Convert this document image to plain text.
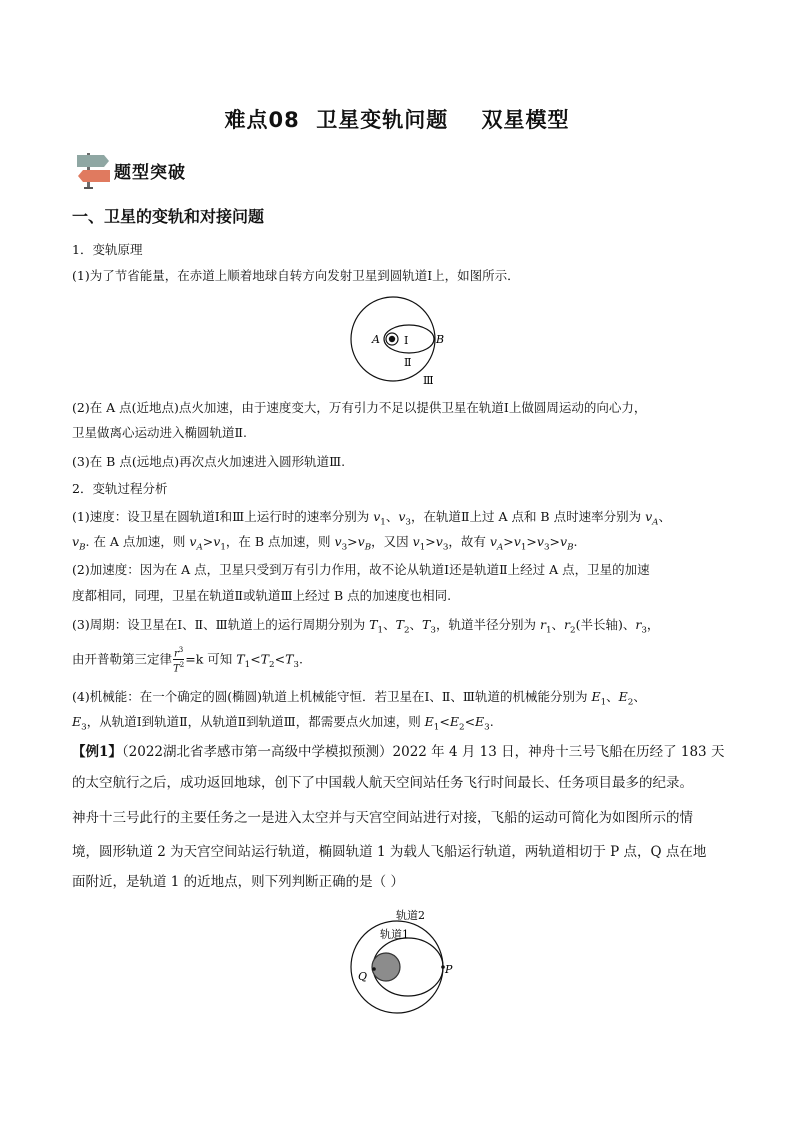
难点08  卫星变轨问题    双星模型
题型突破
一、卫星的变轨和对接问题
1．变轨原理
(1)为了节省能量，在赤道上顺着地球自转方向发射卫星到圆轨道Ⅰ上，如图所示．
A	B
Ⅰ
Ⅱ
Ⅲ
(2)在 A 点(近地点)点火加速，由于速度变大，万有引力不足以提供卫星在轨道Ⅰ上做圆周运动的向心力，
卫星做离心运动进入椭圆轨道Ⅱ.
(3)在 B 点(远地点)再次点火加速进入圆形轨道Ⅲ.
2．变轨过程分析
(1)速度：设卫星在圆轨道Ⅰ和Ⅲ上运行时的速率分别为 $v_1$、$v_3$，在轨道Ⅱ上过 A 点和 B 点时速率分别为 $v_A$、
$v_B$. 在 A 点加速，则 $v_A>v_1$，在 B 点加速，则 $v_3>v_B$，又因 $v_1>v_3$，故有 $v_A>v_1>v_3>v_B$.
(2)加速度：因为在 A 点，卫星只受到万有引力作用，故不论从轨道Ⅰ还是轨道Ⅱ上经过 A 点，卫星的加速
度都相同，同理，卫星在轨道Ⅱ或轨道Ⅲ上经过 B 点的加速度也相同.
(3)周期：设卫星在Ⅰ、Ⅱ、Ⅲ轨道上的运行周期分别为 $T_1$、$T_2$、$T_3$，轨道半径分别为 $r_1$、$r_2$(半长轴)、$r_3$，
由开普勒第三定律 $\frac{r^3}{T^2} =k$ 可知 $T_1<T_2<T_3$.
(4)机械能：在一个确定的圆(椭圆)轨道上机械能守恒．若卫星在Ⅰ、Ⅱ、Ⅲ轨道的机械能分别为 $E_1$、$E_2$、
$E_3$，从轨道Ⅰ到轨道Ⅱ，从轨道Ⅱ到轨道Ⅲ，都需要点火加速，则 $E_1<E_2<E_3$.
【例1】（2022湖北省孝感市第一高级中学模拟预测）2022 年 4 月 13 日，神舟十三号飞船在历经了 183 天
的太空航行之后，成功返回地球，创下了中国载人航天空间站任务飞行时间最长、任务项目最多的纪录。
神舟十三号此行的主要任务之一是进入太空并与天宫空间站进行对接，飞船的运动可简化为如图所示的情
境，圆形轨道 2 为天宫空间站运行轨道，椭圆轨道 1 为载人飞船运行轨道，两轨道相切于 P 点，Q 点在地
面附近，是轨道 1 的近地点，则下列判断正确的是（ ）
轨道2
轨道1
Q
P
